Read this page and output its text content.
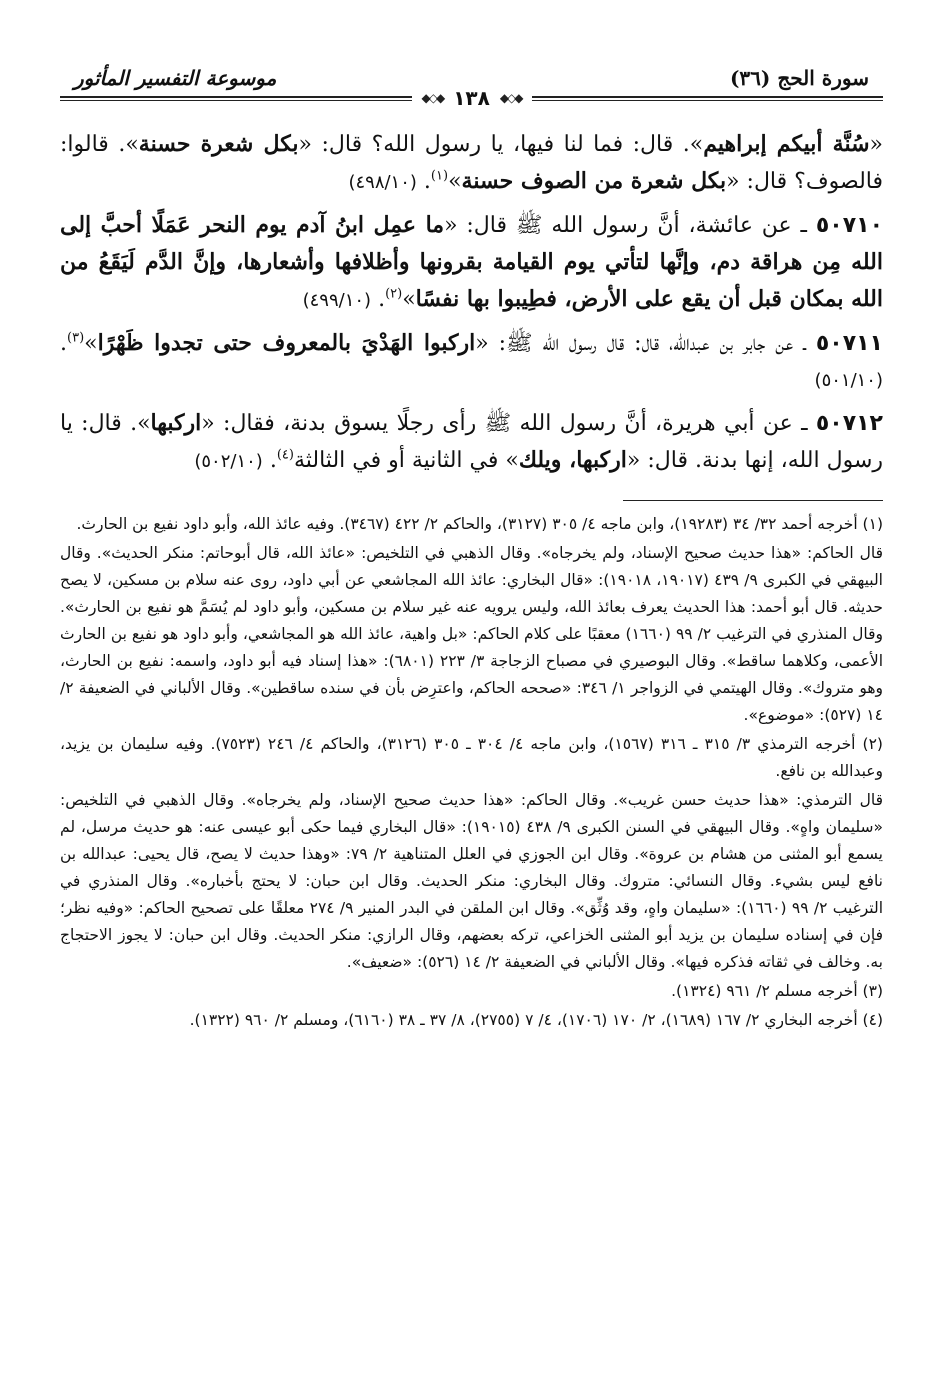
سورة الحج (٣٦)
موسوعة التفسير المأثور
◆◇◆
١٣٨
◆◇◆

«سُنَّة أبيكم إبراهيم». قال: فما لنا فيها، يا رسول الله؟ قال: «بكل شعرة حسنة». قالوا: فالصوف؟ قال: «بكل شعرة من الصوف حسنة»$^{(١)}$. (٤٩٨/١٠)

٥٠٧١٠ ـ عن عائشة، أنَّ رسول الله ﷺ قال: «ما عمِل ابنُ آدم يوم النحر عَمَلًا أحبَّ إلى الله مِن هراقة دم، وإنَّها لتأتي يوم القيامة بقرونها وأظلافها وأشعارها، وإنَّ الدَّم لَيَقَعُ من الله بمكان قبل أن يقع على الأرض، فطِيبوا بها نفسًا»$^{(٢)}$. (٤٩٩/١٠)

٥٠٧١١ ـ عن جابر بن عبدالله، قال: قال رسول الله ﷺ: «اركبوا الهَدْيَ بالمعروف حتى تجدوا ظَهْرًا»$^{(٣)}$. (٥٠١/١٠)

٥٠٧١٢ ـ عن أبي هريرة، أنَّ رسول الله ﷺ رأى رجلًا يسوق بدنة، فقال: «اركبها». قال: يا رسول الله، إنها بدنة. قال: «اركبها، ويلك» في الثانية أو في الثالثة$^{(٤)}$. (٥٠٢/١٠)

(١) أخرجه أحمد ٣٢/ ٣٤ (١٩٢٨٣)، وابن ماجه ٤/ ٣٠٥ (٣١٢٧)، والحاكم ٢/ ٤٢٢ (٣٤٦٧). وفيه عائذ الله، وأبو داود نفيع بن الحارث.

قال الحاكم: «هذا حديث صحيح الإسناد، ولم يخرجاه». وقال الذهبي في التلخيص: «عائذ الله، قال أبوحاتم: منكر الحديث». وقال البيهقي في الكبرى ٩/ ٤٣٩ (١٩٠١٧، ١٩٠١٨): «قال البخاري: عائذ الله المجاشعي عن أبي داود، روى عنه سلام بن مسكين، لا يصح حديثه. قال أبو أحمد: هذا الحديث يعرف بعائذ الله، وليس يرويه عنه غير سلام بن مسكين، وأبو داود لم يُسَمَّ هو نفيع بن الحارث». وقال المنذري في الترغيب ٢/ ٩٩ (١٦٦٠) معقبًا على كلام الحاكم: «بل واهية، عائذ الله هو المجاشعي، وأبو داود هو نفيع بن الحارث الأعمى، وكلاهما ساقط». وقال البوصيري في مصباح الزجاجة ٣/ ٢٢٣ (٦٨٠١): «هذا إسناد فيه أبو داود، واسمه: نفيع بن الحارث، وهو متروك». وقال الهيتمي في الزواجر ١/ ٣٤٦: «صححه الحاكم، واعترِض بأن في سنده ساقطين». وقال الألباني في الضعيفة ٢/ ١٤ (٥٢٧): «موضوع».

(٢) أخرجه الترمذي ٣/ ٣١٥ ـ ٣١٦ (١٥٦٧)، وابن ماجه ٤/ ٣٠٤ ـ ٣٠٥ (٣١٢٦)، والحاكم ٤/ ٢٤٦ (٧٥٢٣). وفيه سليمان بن يزيد، وعبدالله بن نافع.

قال الترمذي: «هذا حديث حسن غريب». وقال الحاكم: «هذا حديث صحيح الإسناد، ولم يخرجاه». وقال الذهبي في التلخيص: «سليمان واهٍ». وقال البيهقي في السنن الكبرى ٩/ ٤٣٨ (١٩٠١٥): «قال البخاري فيما حكى أبو عيسى عنه: هو حديث مرسل، لم يسمع أبو المثنى من هشام بن عروة». وقال ابن الجوزي في العلل المتناهية ٢/ ٧٩: «وهذا حديث لا يصح، قال يحيى: عبدالله بن نافع ليس بشيء. وقال النسائي: متروك. وقال البخاري: منكر الحديث. وقال ابن حبان: لا يحتج بأخباره». وقال المنذري في الترغيب ٢/ ٩٩ (١٦٦٠): «سليمان واهٍ، وقد وُثِّق». وقال ابن الملقن في البدر المنير ٩/ ٢٧٤ معلقًا على تصحيح الحاكم: «وفيه نظر؛ فإن في إسناده سليمان بن يزيد أبو المثنى الخزاعي، تركه بعضهم، وقال الرازي: منكر الحديث. وقال ابن حبان: لا يجوز الاحتجاج به. وخالف في ثقاته فذكره فيها». وقال الألباني في الضعيفة ٢/ ١٤ (٥٢٦): «ضعيف».

(٣) أخرجه مسلم ٢/ ٩٦١ (١٣٢٤).

(٤) أخرجه البخاري ٢/ ١٦٧ (١٦٨٩)، ٢/ ١٧٠ (١٧٠٦)، ٤/ ٧ (٢٧٥٥)، ٨/ ٣٧ ـ ٣٨ (٦١٦٠)، ومسلم ٢/ ٩٦٠ (١٣٢٢).
